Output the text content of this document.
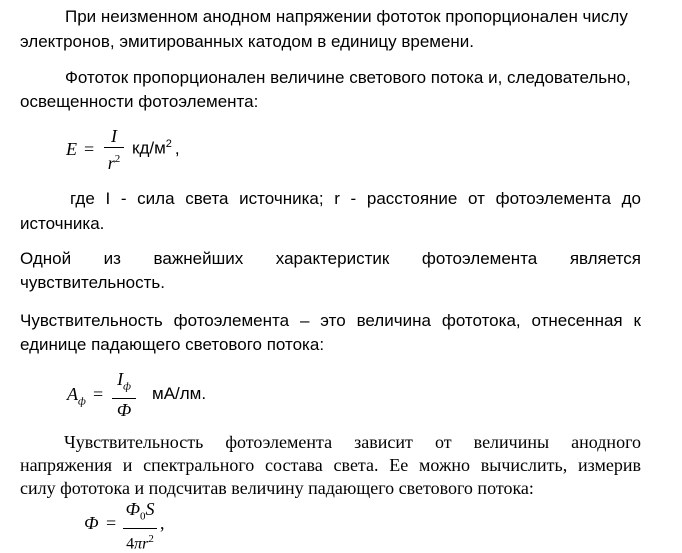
При неизменном анодном напряжении фототок пропорционален числу
электронов, эмитированных катодом в единицу времени.
Фототок пропорционален величине светового потока и, следовательно,
освещенности фотоэлемента:
E =
I
$r^2$
$кд/м^2$ ,
где I - сила света источника; r - расстояние от фотоэлемента до
источника.
Одной из важнейших характеристик фотоэлемента является
чувствительность.
Чувствительность фотоэлемента – это величина фототока, отнесенная к
единице падающего светового потока:
$A_ф$ =
$I_ф$
Ф
мА/лм.
Чувствительность фотоэлемента зависит от величины анодного
напряжения и спектрального состава света. Ее можно вычислить, измерив
силу фототока и подсчитав величину падающего светового потока:
Ф =
$Ф_0S$
$4\pi r^2$
,
